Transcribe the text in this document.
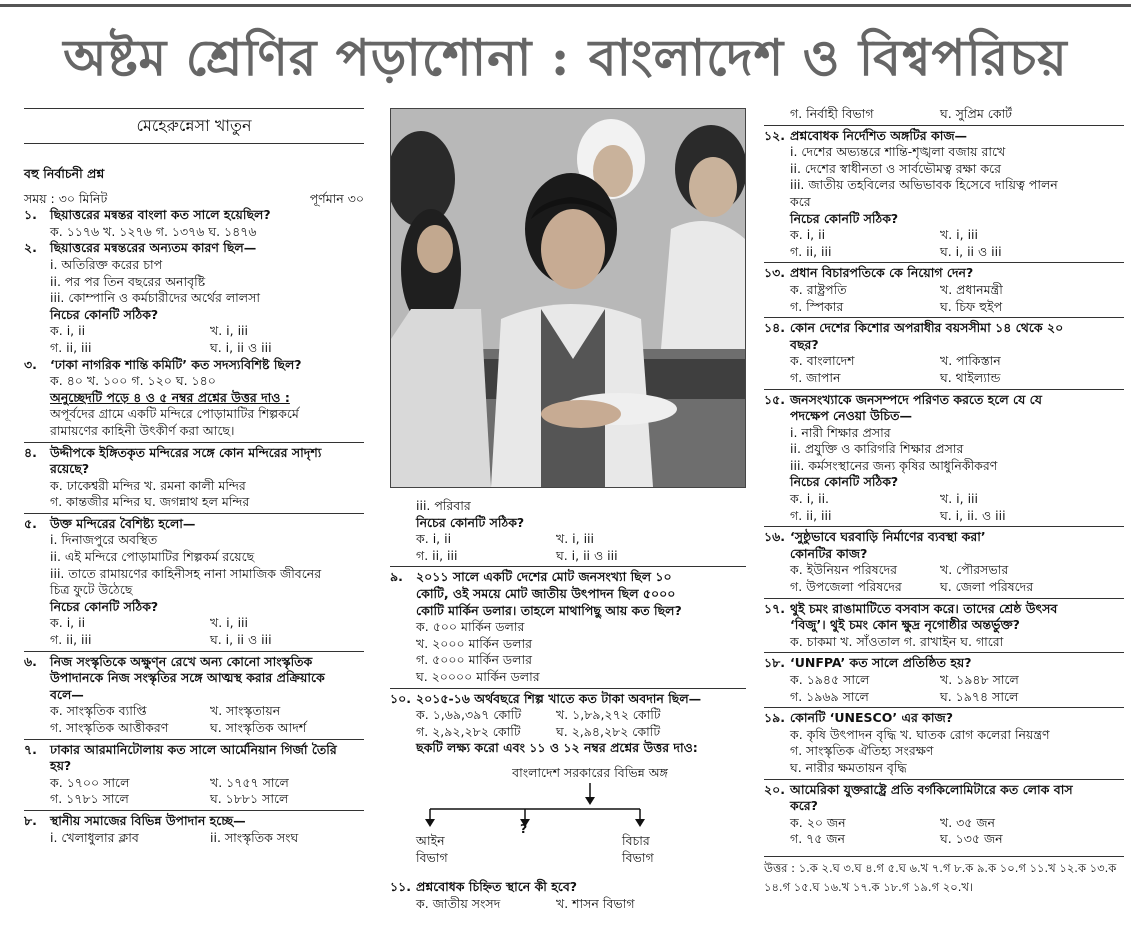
অষ্টম শ্রেণির পড়াশোনা : বাংলাদেশ ও বিশ্বপরিচয়
মেহেরুন্নেসা খাতুন
বহু নির্বাচনী প্রশ্ন
সময় : ৩০ মিনিট	পূর্ণমান ৩০
১.	ছিয়াত্তরের মন্বন্তর বাংলা কত সালে হয়েছিল?
ক. ১১৭৬ খ. ১২৭৬ গ. ১৩৭৬ ঘ. ১৪৭৬
২.	ছিয়াত্তরের মন্বন্তরের অন্যতম কারণ ছিল—
i. অতিরিক্ত করের চাপ
ii. পর পর তিন বছরের অনাবৃষ্টি
iii. কোম্পানি ও কর্মচারীদের অর্থের লালসা
নিচের কোনটি সঠিক?
ক. i, ii	খ. i, iii
গ. ii, iii	ঘ. i, ii ও iii
৩.	‘ঢাকা নাগরিক শান্তি কমিটি’ কত সদস্যবিশিষ্ট ছিল?
ক. ৪০ খ. ১০০ গ. ১২০ ঘ. ১৪০
অনুচ্ছেদটি পড়ে ৪ ও ৫ নম্বর প্রশ্নের উত্তর দাও :
অপূর্বদের গ্রামে একটি মন্দিরে পোড়ামাটির শিল্পকর্মে
রামায়ণের কাহিনী উৎকীর্ণ করা আছে।
৪.	উদ্দীপকে ইঙ্গিতকৃত মন্দিরের সঙ্গে কোন মন্দিরের সাদৃশ্য
রয়েছে?
ক. ঢাকেশ্বরী মন্দির খ. রমনা কালী মন্দির
গ. কান্তজীর মন্দির ঘ. জগন্নাথ হল মন্দির
৫.	উক্ত মন্দিরের বৈশিষ্ট্য হলো—
i. দিনাজপুরে অবস্থিত
ii. এই মন্দিরে পোড়ামাটির শিল্পকর্ম রয়েছে
iii. তাতে রামায়ণের কাহিনীসহ নানা সামাজিক জীবনের
চিত্র ফুটে উঠেছে
নিচের কোনটি সঠিক?
ক. i, ii	খ. i, iii
গ. ii, iii	ঘ. i, ii ও iii
৬.	নিজ সংস্কৃতিকে অক্ষুণ্ন রেখে অন্য কোনো সাংস্কৃতিক
উপাদানকে নিজ সংস্কৃতির সঙ্গে আত্মস্থ করার প্রক্রিয়াকে
বলে—
ক. সাংস্কৃতিক ব্যাপ্তি	খ. সাংস্কৃতায়ন
গ. সাংস্কৃতিক আত্তীকরণ	ঘ. সাংস্কৃতিক আদর্শ
৭.	ঢাকার আরমানিটোলায় কত সালে আর্মেনিয়ান গির্জা তৈরি
হয়?
ক. ১৭০০ সালে	খ. ১৭৫৭ সালে
গ. ১৭৮১ সালে	ঘ. ১৮৮১ সালে
৮.	স্থানীয় সমাজের বিভিন্ন উপাদান হচ্ছে—
i. খেলাধুলার ক্লাব	ii. সাংস্কৃতিক সংঘ
iii. পরিবার
নিচের কোনটি সঠিক?
ক. i, ii	খ. i, iii
গ. ii, iii	ঘ. i, ii ও iii
৯.	২০১১ সালে একটি দেশের মোট জনসংখ্যা ছিল ১০
কোটি, ওই সময়ে মোট জাতীয় উৎপাদন ছিল ৫০০০
কোটি মার্কিন ডলার। তাহলে মাথাপিছু আয় কত ছিল?
ক. ৫০০ মার্কিন ডলার
খ. ২০০০ মার্কিন ডলার
গ. ৫০০০ মার্কিন ডলার
ঘ. ২০০০০ মার্কিন ডলার
১০. ২০১৫-১৬ অর্থবছরে শিল্প খাতে কত টাকা অবদান ছিল—
ক. ১,৬৯,৩৯৭ কোটি	খ. ১,৮৯,২৭২ কোটি
গ. ২,৯২,২৮২ কোটি	ঘ. ২,৯৪,২৮২ কোটি
ছকটি লক্ষ্য করো এবং ১১ ও ১২ নম্বর প্রশ্নের উত্তর দাও:
বাংলাদেশ সরকারের বিভিন্ন অঙ্গ
আইন
বিভাগ
?
বিচার
বিভাগ
১১. প্রশ্নবোধক চিহ্নিত স্থানে কী হবে?
ক. জাতীয় সংসদ	খ. শাসন বিভাগ
গ. নির্বাহী বিভাগ	ঘ. সুপ্রিম কোর্ট
১২. প্রশ্নবোধক নির্দেশিত অঙ্গটির কাজ—
i. দেশের অভ্যন্তরে শান্তি-শৃঙ্খলা বজায় রাখে
ii. দেশের স্বাধীনতা ও সার্বভৌমত্ব রক্ষা করে
iii. জাতীয় তহবিলের অভিভাবক হিসেবে দায়িত্ব পালন
করে
নিচের কোনটি সঠিক?
ক. i, ii	খ. i, iii
গ. ii, iii	ঘ. i, ii ও iii
১৩. প্রধান বিচারপতিকে কে নিয়োগ দেন?
ক. রাষ্ট্রপতি	খ. প্রধানমন্ত্রী
গ. স্পিকার	ঘ. চিফ হুইপ
১৪. কোন দেশের কিশোর অপরাধীর বয়সসীমা ১৪ থেকে ২০
বছর?
ক. বাংলাদেশ	খ. পাকিস্তান
গ. জাপান	ঘ. থাইল্যান্ড
১৫. জনসংখ্যাকে জনসম্পদে পরিণত করতে হলে যে যে
পদক্ষেপ নেওয়া উচিত—
i. নারী শিক্ষার প্রসার
ii. প্রযুক্তি ও কারিগরি শিক্ষার প্রসার
iii. কর্মসংস্থানের জন্য কৃষির আধুনিকীকরণ
নিচের কোনটি সঠিক?
ক. i, ii.	খ. i, iii
গ. ii, iii	ঘ. i, ii. ও iii
১৬. ‘সুষ্ঠুভাবে ঘরবাড়ি নির্মাণের ব্যবস্থা করা’
কোনটির কাজ?
ক. ইউনিয়ন পরিষদের	খ. পৌরসভার
গ. উপজেলা পরিষদের	ঘ. জেলা পরিষদের
১৭. থুই চমং রাঙামাটিতে বসবাস করে। তাদের শ্রেষ্ঠ উৎসব
‘বিজু’। থুই চমং কোন ক্ষুদ্র নৃগোষ্ঠীর অন্তর্ভুক্ত?
ক. চাকমা খ. সাঁওতাল গ. রাখাইন ঘ. গারো
১৮. ‘UNFPA’ কত সালে প্রতিষ্ঠিত হয়?
ক. ১৯৪৫ সালে	খ. ১৯৪৮ সালে
গ. ১৯৬৯ সালে	ঘ. ১৯৭৪ সালে
১৯. কোনটি ‘UNESCO’ এর কাজ?
ক. কৃষি উৎপাদন বৃদ্ধি খ. ঘাতক রোগ কলেরা নিয়ন্ত্রণ
গ. সাংস্কৃতিক ঐতিহ্য সংরক্ষণ
ঘ. নারীর ক্ষমতায়ন বৃদ্ধি
২০. আমেরিকা যুক্তরাষ্ট্রে প্রতি বর্গকিলোমিটারে কত লোক বাস
করে?
ক. ২০ জন	খ. ৩৫ জন
গ. ৭৫ জন	ঘ. ১৩৫ জন
উত্তর : ১.ক ২.ঘ ৩.ঘ ৪.গ ৫.ঘ ৬.খ ৭.গ ৮.ক ৯.ক ১০.গ ১১.খ ১২.ক ১৩.ক ১৪.গ ১৫.ঘ ১৬.খ ১৭.ক ১৮.গ ১৯.গ ২০.খ।
